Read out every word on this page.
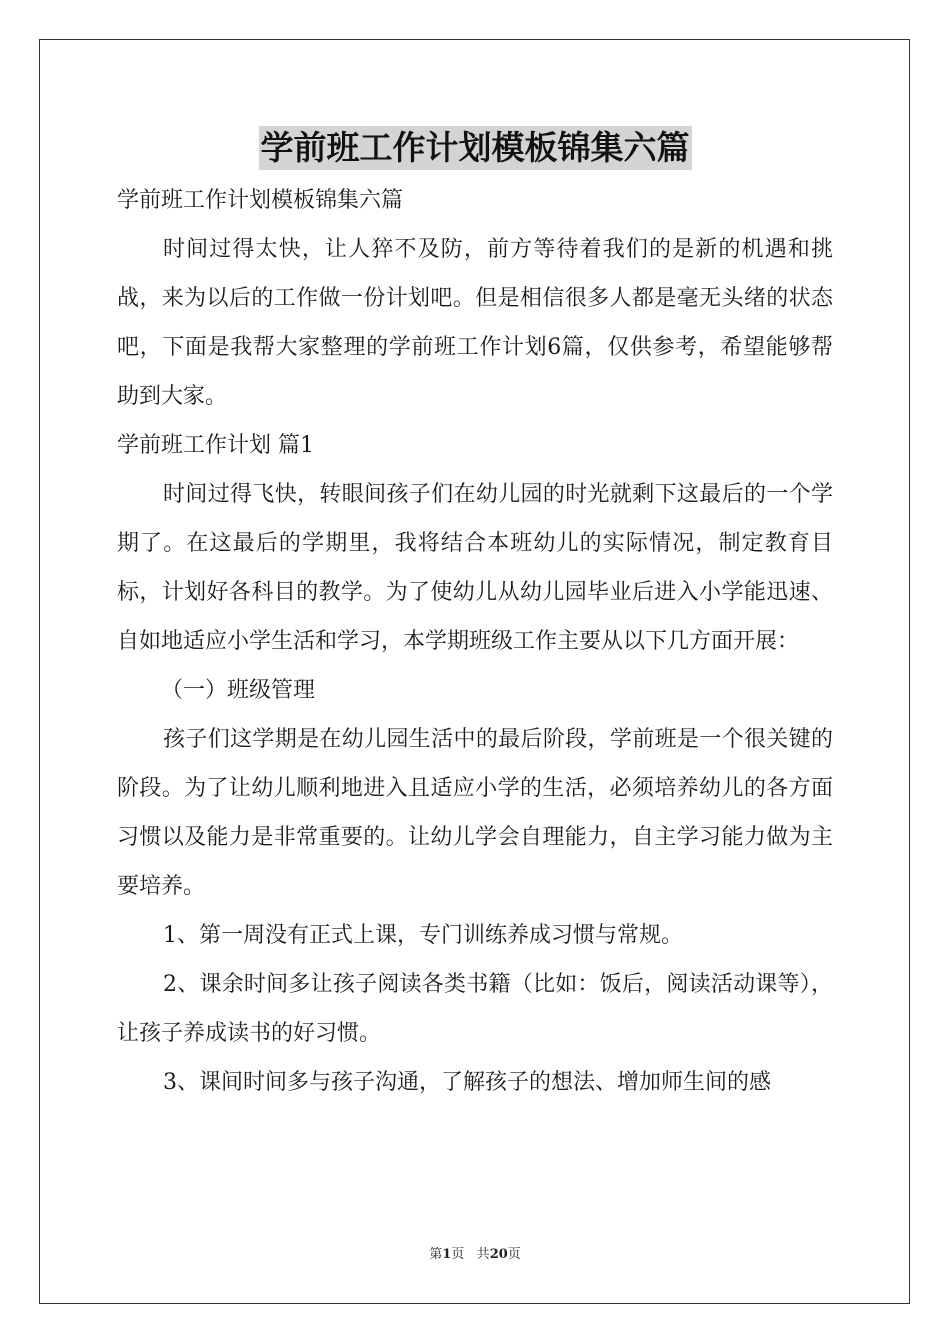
学前班工作计划模板锦集六篇

学前班工作计划模板锦集六篇

时间过得太快，让人猝不及防，前方等待着我们的是新的机遇和挑战，来为以后的工作做一份计划吧。但是相信很多人都是毫无头绪的状态吧，下面是我帮大家整理的学前班工作计划6篇，仅供参考，希望能够帮助到大家。

学前班工作计划 篇1

时间过得飞快，转眼间孩子们在幼儿园的时光就剩下这最后的一个学期了。在这最后的学期里，我将结合本班幼儿的实际情况，制定教育目标，计划好各科目的教学。为了使幼儿从幼儿园毕业后进入小学能迅速、自如地适应小学生活和学习，本学期班级工作主要从以下几方面开展：

（一）班级管理

孩子们这学期是在幼儿园生活中的最后阶段，学前班是一个很关键的阶段。为了让幼儿顺利地进入且适应小学的生活，必须培养幼儿的各方面习惯以及能力是非常重要的。让幼儿学会自理能力，自主学习能力做为主要培养。

1、第一周没有正式上课，专门训练养成习惯与常规。

2、课余时间多让孩子阅读各类书籍（比如：饭后，阅读活动课等），让孩子养成读书的好习惯。

3、课间时间多与孩子沟通，了解孩子的想法、增加师生间的感

第1页 共20页
